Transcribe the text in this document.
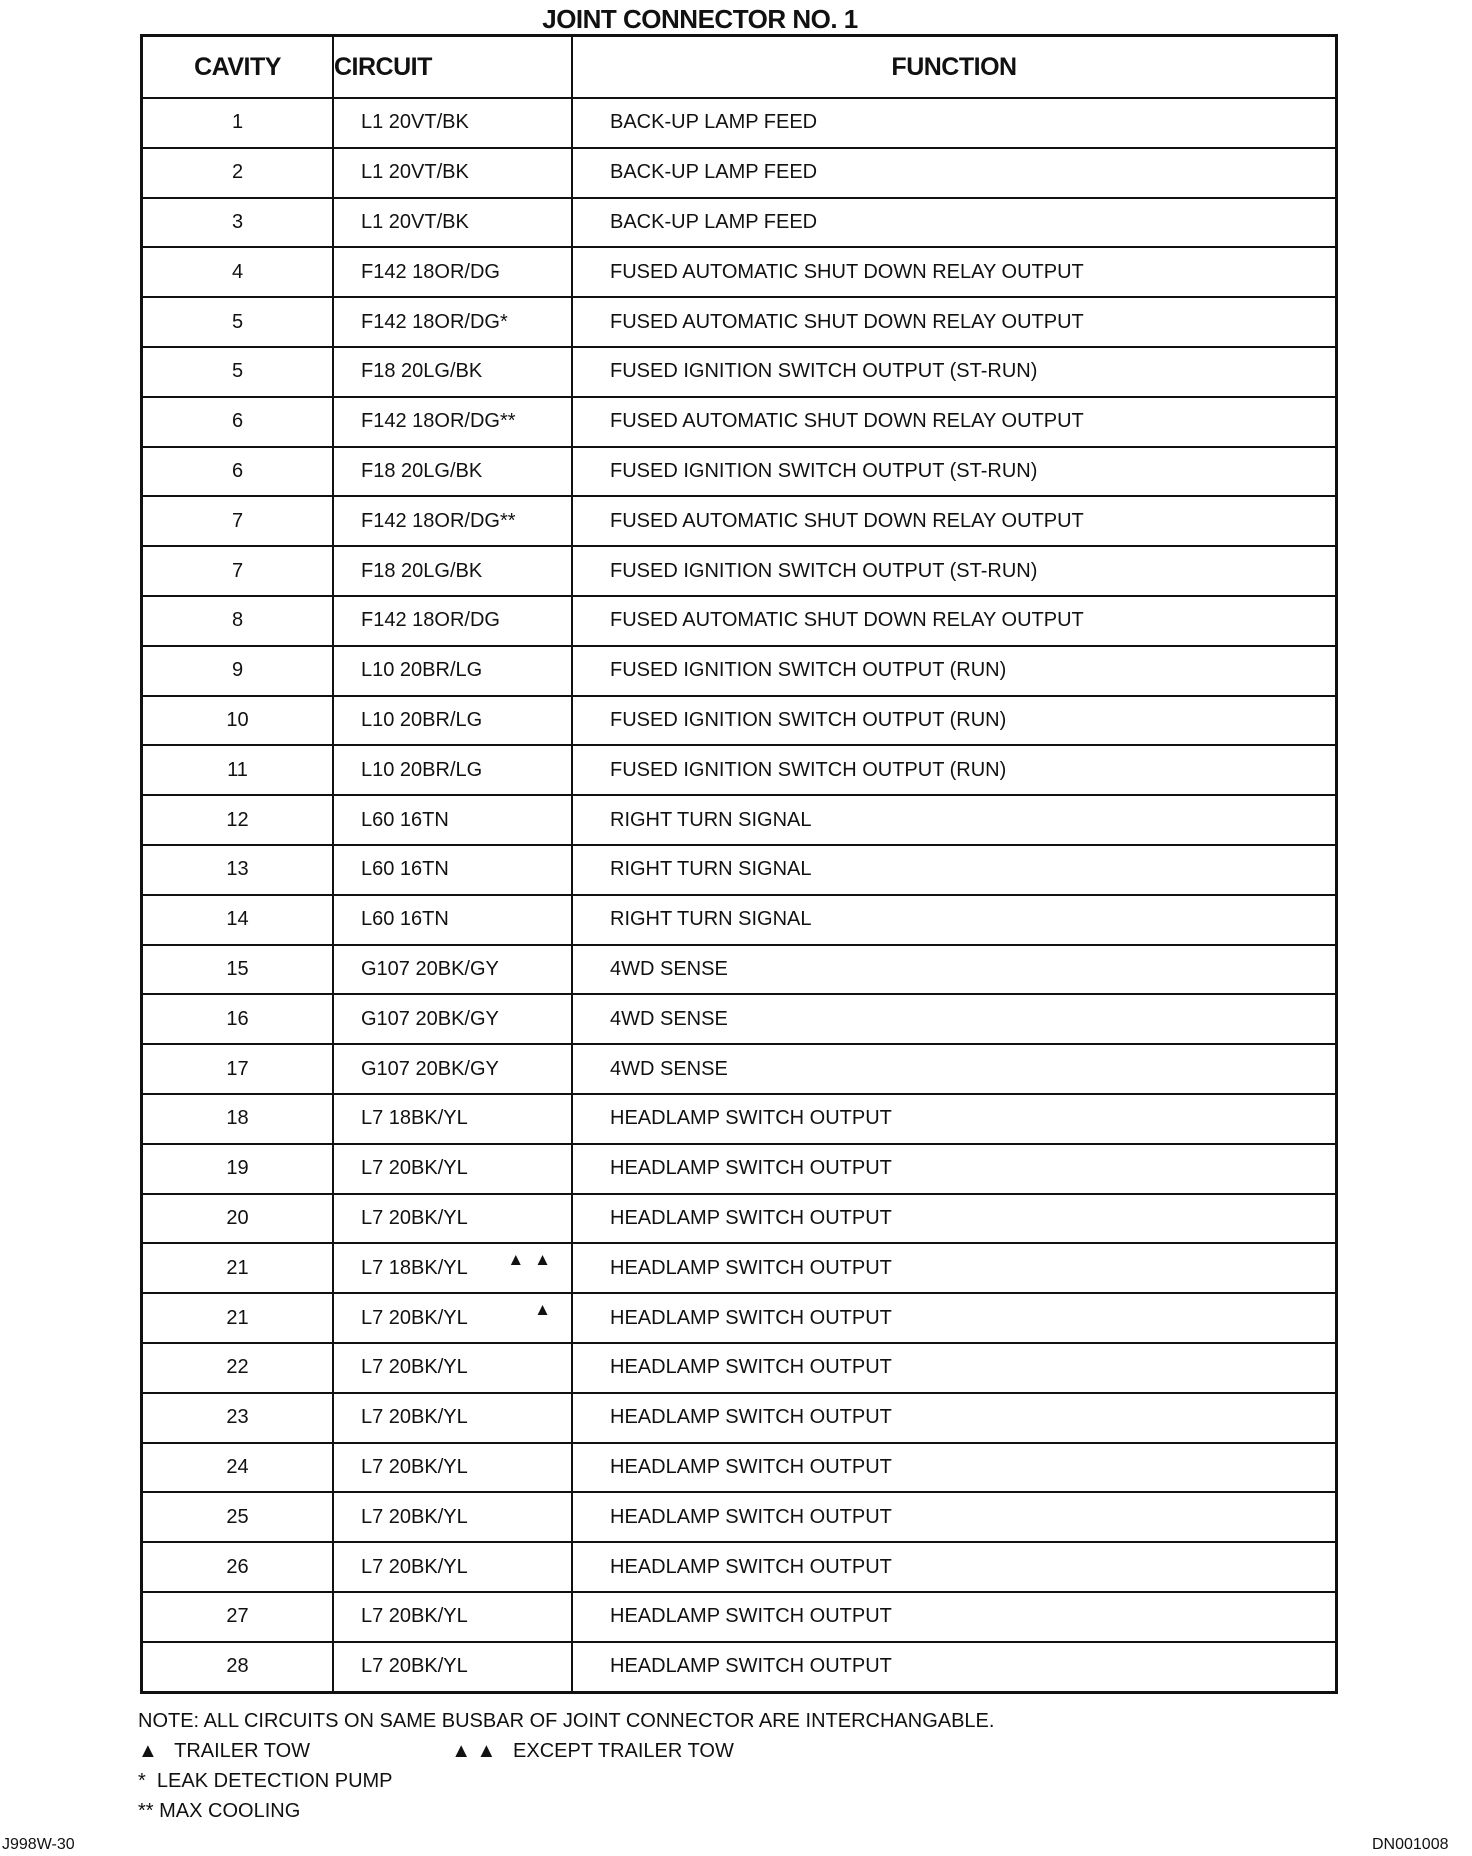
JOINT CONNECTOR NO. 1
CAVITY	CIRCUIT	FUNCTION
1	L1 20VT/BK	BACK-UP LAMP FEED
2	L1 20VT/BK	BACK-UP LAMP FEED
3	L1 20VT/BK	BACK-UP LAMP FEED
4	F142 18OR/DG	FUSED AUTOMATIC SHUT DOWN RELAY OUTPUT
5	F142 18OR/DG*	FUSED AUTOMATIC SHUT DOWN RELAY OUTPUT
5	F18 20LG/BK	FUSED IGNITION SWITCH OUTPUT (ST-RUN)
6	F142 18OR/DG**	FUSED AUTOMATIC SHUT DOWN RELAY OUTPUT
6	F18 20LG/BK	FUSED IGNITION SWITCH OUTPUT (ST-RUN)
7	F142 18OR/DG**	FUSED AUTOMATIC SHUT DOWN RELAY OUTPUT
7	F18 20LG/BK	FUSED IGNITION SWITCH OUTPUT (ST-RUN)
8	F142 18OR/DG	FUSED AUTOMATIC SHUT DOWN RELAY OUTPUT
9	L10 20BR/LG	FUSED IGNITION SWITCH OUTPUT (RUN)
10	L10 20BR/LG	FUSED IGNITION SWITCH OUTPUT (RUN)
11	L10 20BR/LG	FUSED IGNITION SWITCH OUTPUT (RUN)
12	L60 16TN	RIGHT TURN SIGNAL
13	L60 16TN	RIGHT TURN SIGNAL
14	L60 16TN	RIGHT TURN SIGNAL
15	G107 20BK/GY	4WD SENSE
16	G107 20BK/GY	4WD SENSE
17	G107 20BK/GY	4WD SENSE
18	L7 18BK/YL	HEADLAMP SWITCH OUTPUT
19	L7 20BK/YL	HEADLAMP SWITCH OUTPUT
20	L7 20BK/YL	HEADLAMP SWITCH OUTPUT
21	L7 18BK/YL ▲▲	HEADLAMP SWITCH OUTPUT
21	L7 20BK/YL ▲	HEADLAMP SWITCH OUTPUT
22	L7 20BK/YL	HEADLAMP SWITCH OUTPUT
23	L7 20BK/YL	HEADLAMP SWITCH OUTPUT
24	L7 20BK/YL	HEADLAMP SWITCH OUTPUT
25	L7 20BK/YL	HEADLAMP SWITCH OUTPUT
26	L7 20BK/YL	HEADLAMP SWITCH OUTPUT
27	L7 20BK/YL	HEADLAMP SWITCH OUTPUT
28	L7 20BK/YL	HEADLAMP SWITCH OUTPUT
NOTE: ALL CIRCUITS ON SAME BUSBAR OF JOINT CONNECTOR ARE INTERCHANGABLE.
▲ TRAILER TOW	▲ ▲ EXCEPT TRAILER TOW
* LEAK DETECTION PUMP
** MAX COOLING
J998W-30	DN001008
